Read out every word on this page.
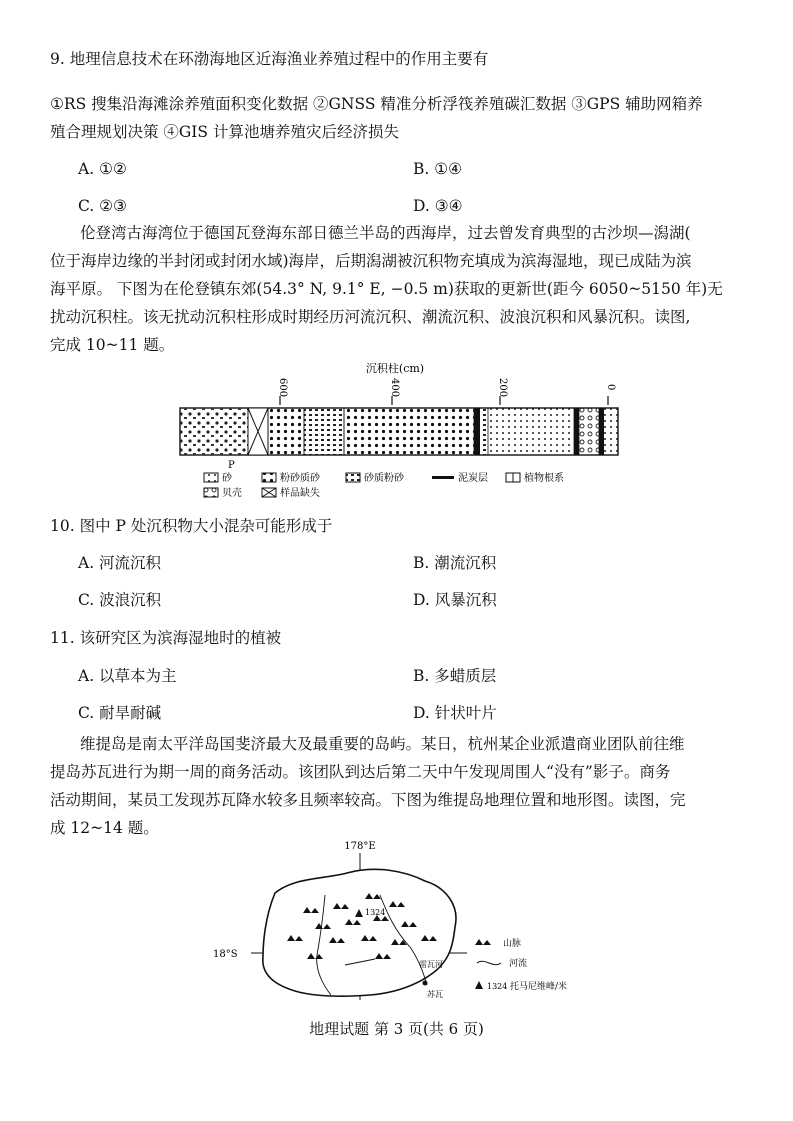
9. 地理信息技术在环渤海地区近海渔业养殖过程中的作用主要有
①RS 搜集沿海滩涂养殖面积变化数据 ②GNSS 精准分析浮筏养殖碳汇数据 ③GPS 辅助网箱养
殖合理规划决策 ④GIS 计算池塘养殖灾后经济损失
A. ①②	B. ①④
C. ②③	D. ③④
伦登湾古海湾位于德国瓦登海东部日德兰半岛的西海岸，过去曾发育典型的古沙坝—潟湖(
位于海岸边缘的半封闭或封闭水域)海岸，后期潟湖被沉积物充填成为滨海湿地，现已成陆为滨
海平原。 下图为在伦登镇东郊(54.3° N, 9.1° E, −0.5 m)获取的更新世(距今 6050~5150 年)无
扰动沉积柱。该无扰动沉积柱形成时期经历河流沉积、潮流沉积、波浪沉积和风暴沉积。读图,
完成 10~11 题。
沉积柱(cm)
600	400	200	0
P
砂	粉砂质砂	砂质粉砂	泥炭层	植物根系
贝壳	样品缺失
10. 图中 P 处沉积物大小混杂可能形成于
A. 河流沉积	B. 潮流沉积
C. 波浪沉积	D. 风暴沉积
11. 该研究区为滨海湿地时的植被
A. 以草本为主	B. 多蜡质层
C. 耐旱耐碱	D. 针状叶片
维提岛是南太平洋岛国斐济最大及最重要的岛屿。某日，杭州某企业派遣商业团队前往维
提岛苏瓦进行为期一周的商务活动。该团队到达后第二天中午发现周围人“没有”影子。商务
活动期间，某员工发现苏瓦降水较多且频率较高。下图为维提岛地理位置和地形图。读图，完
成 12~14 题。
178°E
18°S
1324
雷瓦河
苏瓦
山脉
河流
1324 托马尼维峰/米
地理试题 第 3 页(共 6 页)
